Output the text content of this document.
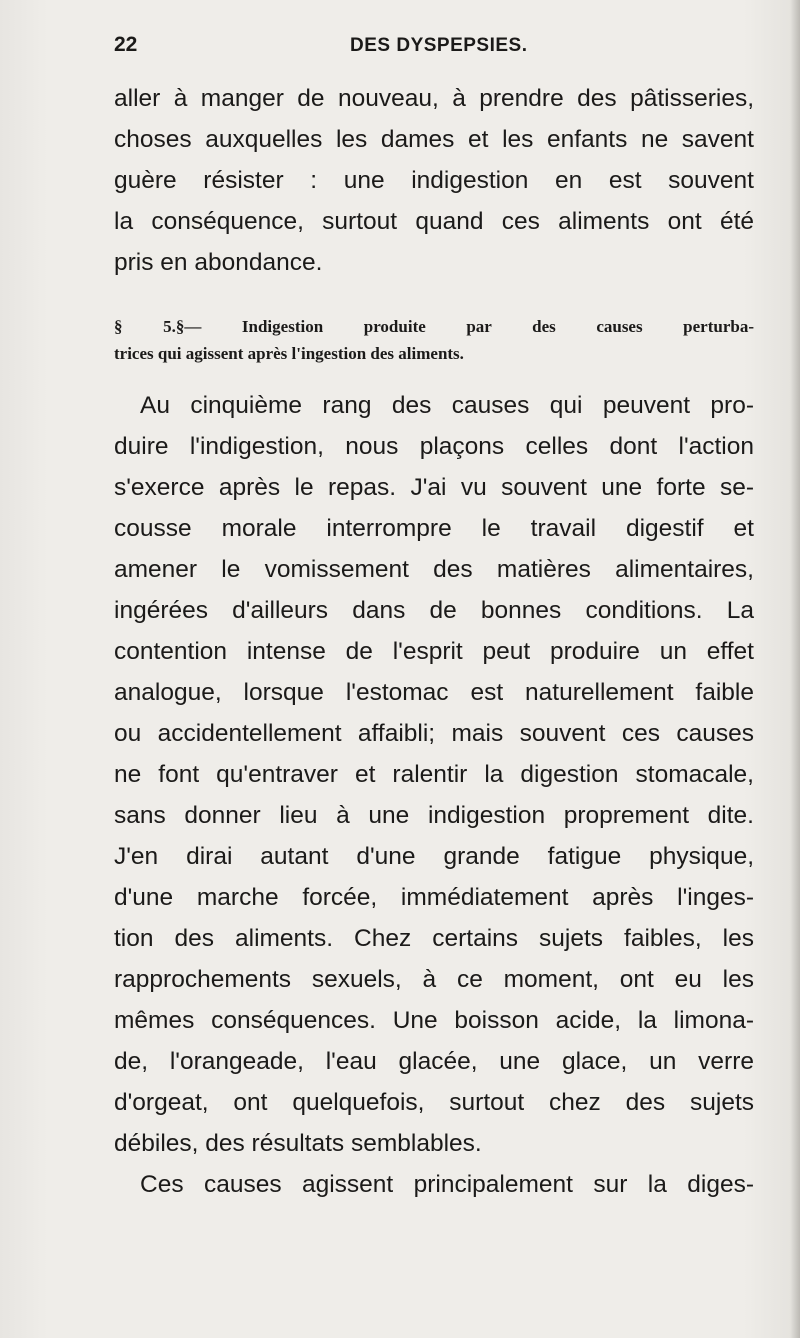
22	DES DYSPEPSIES.
aller à manger de nouveau, à prendre des pâtisseries,
choses auxquelles les dames et les enfants ne savent
guère résister : une indigestion en est souvent
la conséquence, surtout quand ces aliments ont été
pris en abondance.
§ 5.§— Indigestion produite par des causes perturba-
trices qui agissent après l'ingestion des aliments.
Au cinquième rang des causes qui peuvent pro-
duire l'indigestion, nous plaçons celles dont l'action
s'exerce après le repas. J'ai vu souvent une forte se-
cousse morale interrompre le travail digestif et
amener le vomissement des matières alimentaires,
ingérées d'ailleurs dans de bonnes conditions. La
contention intense de l'esprit peut produire un effet
analogue, lorsque l'estomac est naturellement faible
ou accidentellement affaibli; mais souvent ces causes
ne font qu'entraver et ralentir la digestion stomacale,
sans donner lieu à une indigestion proprement dite.
J'en dirai autant d'une grande fatigue physique,
d'une marche forcée, immédiatement après l'inges-
tion des aliments. Chez certains sujets faibles, les
rapprochements sexuels, à ce moment, ont eu les
mêmes conséquences. Une boisson acide, la limona-
de, l'orangeade, l'eau glacée, une glace, un verre
d'orgeat, ont quelquefois, surtout chez des sujets
débiles, des résultats semblables.
Ces causes agissent principalement sur la diges-
